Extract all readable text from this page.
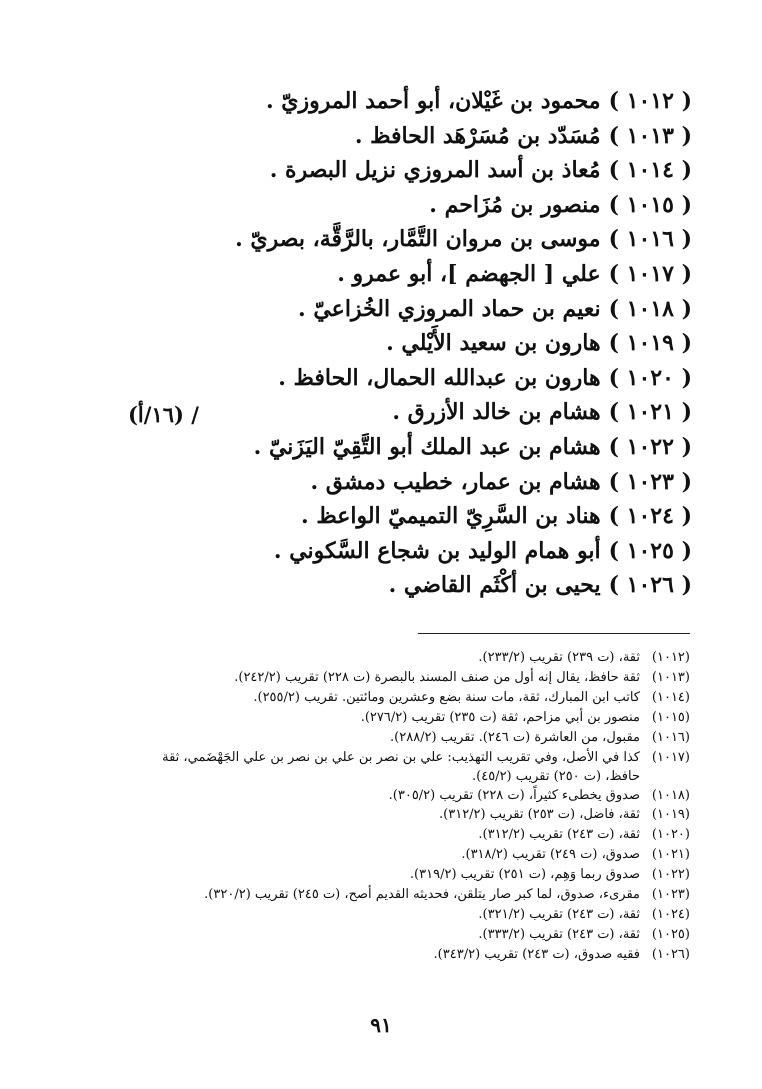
( ١٠١٢ )محمود بن غَيْلان، أبو أحمد المروزيّ .
( ١٠١٣ )مُسَدّد بن مُسَرْهَد الحافظ .
( ١٠١٤ )مُعاذ بن أسد المروزي نزيل البصرة .
( ١٠١٥ )منصور بن مُزَاحم .
( ١٠١٦ )موسى بن مروان التَّمَّار، بالرَّقَّة، بصريّ .
( ١٠١٧ )علي [ الجهضم ]، أبو عمرو .
( ١٠١٨ )نعيم بن حماد المروزي الخُزاعيّ .
( ١٠١٩ )هارون بن سعيد الأَيْلي .
( ١٠٢٠ )هارون بن عبدالله الحمال، الحافظ .
( ١٠٢١ )هشام بن خالد الأزرق .
( ١٠٢٢ )هشام بن عبد الملك أبو التَّقِيّ اليَزَنيّ .
( ١٠٢٣ )هشام بن عمار، خطيب دمشق .
( ١٠٢٤ )هناد بن السَّرِيّ التميميّ الواعظ .
( ١٠٢٥ )أبو همام الوليد بن شجاع السَّكوني .
( ١٠٢٦ )يحيى بن أكْثَم القاضي .
/ (١٦/أ)
(١٠١٢)
ثقة، (ت ٢٣٩) تقريب (٢٣٣/٢).
(١٠١٣)
ثقة حافظ، يقال إنه أول من صنف المسند بالبصرة (ت ٢٢٨) تقريب (٢٤٢/٢).
(١٠١٤)
كاتب ابن المبارك، ثقة، مات سنة بضع وعشرين ومائتين. تقريب (٢٥٥/٢).
(١٠١٥)
منصور بن أبي مزاحم، ثقة (ت ٢٣٥) تقريب (٢٧٦/٢).
(١٠١٦)
مقبول، من العاشرة (ت ٢٤٦). تقريب (٢٨٨/٢).
(١٠١٧)
كذا في الأصل، وفي تقريب التهذيب: علي بن نصر بن علي بن نصر بن علي الجَهْضَمي، ثقة حافظ، (ت ٢٥٠) تقريب (٤٥/٢).
(١٠١٨)
صدوق يخطىء كثيراً، (ت ٢٢٨) تقريب (٣٠٥/٢).
(١٠١٩)
ثقة، فاضل، (ت ٢٥٣) تقريب (٣١٢/٢).
(١٠٢٠)
ثقة، (ت ٢٤٣) تقريب (٣١٢/٢).
(١٠٢١)
صدوق، (ت ٢٤٩) تقريب (٣١٨/٢).
(١٠٢٢)
صدوق ربما وَهِم، (ت ٢٥١) تقريب (٣١٩/٢).
(١٠٢٣)
مقرىء، صدوق، لما كبر صار يتلقن، فحديثه القديم أصح، (ت ٢٤٥) تقريب (٣٢٠/٢).
(١٠٢٤)
ثقة، (ت ٢٤٣) تقريب (٣٢١/٢).
(١٠٢٥)
ثقة، (ت ٢٤٣) تقريب (٣٣٣/٢).
(١٠٢٦)
فقيه صدوق، (ت ٢٤٣) تقريب (٣٤٣/٢).
٩١
